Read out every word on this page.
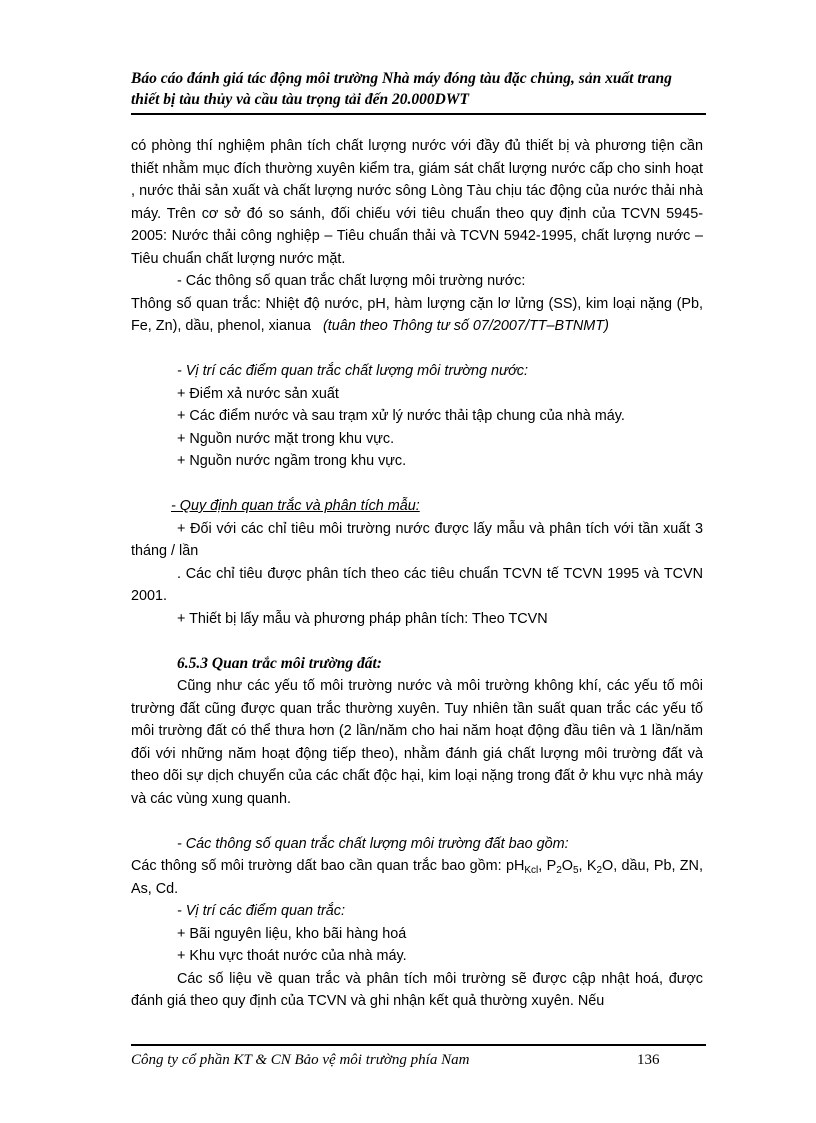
Báo cáo đánh giá tác động môi trường Nhà máy đóng tàu đặc chủng, sản xuất trang
thiết bị tàu thủy và cầu tàu trọng tải đến 20.000DWT

có phòng thí nghiệm phân tích chất lượng nước với đầy đủ thiết bị và phương tiện cần thiết nhằm mục đích thường xuyên kiểm tra, giám sát chất lượng nước cấp cho sinh hoạt , nước thải sản xuất và chất lượng nước sông Lòng Tàu chịu tác động của nước thải nhà máy. Trên cơ sở đó so sánh, đối chiếu với tiêu chuẩn theo quy định của TCVN 5945-2005: Nước thải công nghiệp – Tiêu chuẩn thải và TCVN 5942-1995, chất lượng nước – Tiêu chuẩn chất lượng nước mặt.

- Các thông số quan trắc chất lượng môi trường nước:

Thông số quan trắc: Nhiệt độ nước, pH, hàm lượng cặn lơ lửng (SS), kim loại nặng (Pb, Fe, Zn), dầu, phenol, xianua (tuân theo Thông tư số 07/2007/TT–BTNMT)

- Vị trí các điểm quan trắc chất lượng môi trường nước:

+ Điểm xả nước sản xuất

+ Các điểm nước và sau trạm xử lý nước thải tập chung của nhà máy.

+ Nguồn nước mặt trong khu vực.

+ Nguồn nước ngầm trong khu vực.

- Quy định quan trắc và phân tích mẫu:

+ Đối với các chỉ tiêu môi trường nước được lấy mẫu và phân tích với tần xuất 3 tháng / lần

. Các chỉ tiêu được phân tích theo các tiêu chuẩn TCVN tế TCVN 1995 và TCVN 2001.

+ Thiết bị lấy mẫu và phương pháp phân tích: Theo TCVN

6.5.3 Quan trắc môi trường đất:

Cũng như các yếu tố môi trường nước và môi trường không khí, các yếu tố môi trường đất cũng được quan trắc thường xuyên. Tuy nhiên tần suất quan trắc các yếu tố môi trường đất có thể thưa hơn (2 lần/năm cho hai năm hoạt động đầu tiên và 1 lần/năm đối với những năm hoạt động tiếp theo), nhằm đánh giá chất lượng môi trường đất và theo dõi sự dịch chuyển của các chất độc hại, kim loại nặng trong đất ở khu vực nhà máy và các vùng xung quanh.

- Các thông số quan trắc chất lượng môi trường đất bao gồm:

Các thông số môi trường dất bao cần quan trắc bao gồm: $pH_{Kcl}$, $P_2O_5$, $K_2O$, dầu, Pb, ZN, As, Cd.

- Vị trí các điểm quan trắc:

+ Bãi nguyên liệu, kho bãi hàng hoá

+ Khu vực thoát nước của nhà máy.

Các số liệu về quan trắc và phân tích môi trường sẽ được cập nhật hoá, được đánh giá theo quy định của TCVN và ghi nhận kết quả thường xuyên. Nếu

Công ty cổ phần KT & CN Bảo vệ môi trường phía Nam	136
